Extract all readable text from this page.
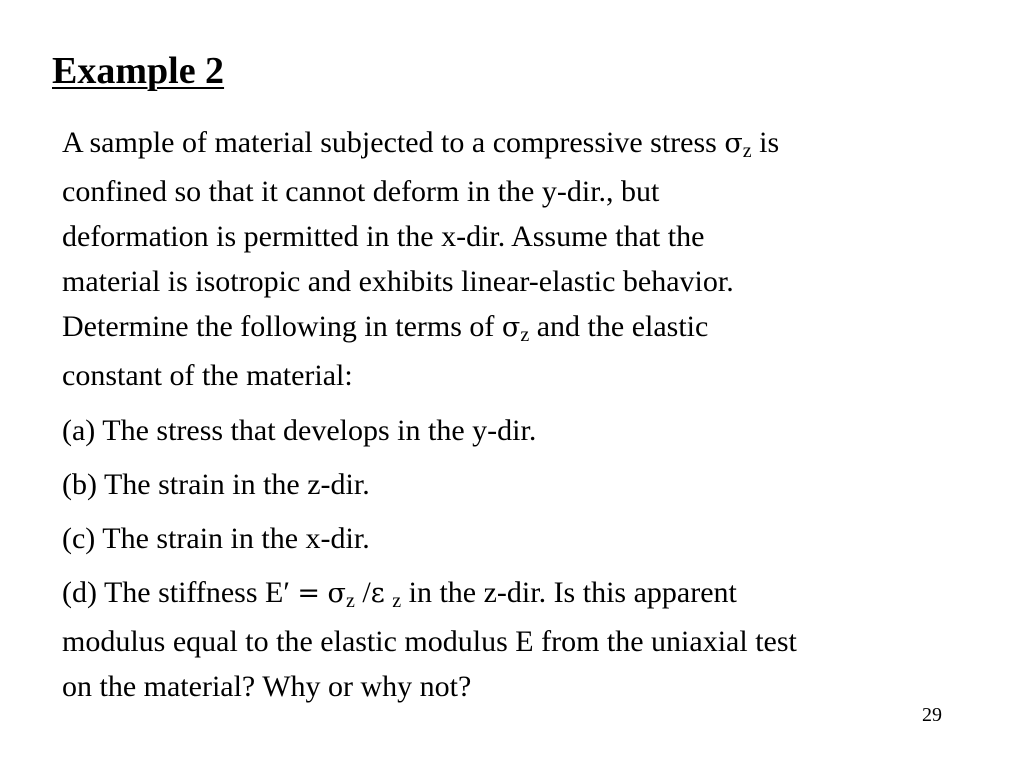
Example 2

A sample of material subjected to a compressive stress σz is
confined so that it cannot deform in the y-dir., but
deformation is permitted in the x-dir. Assume that the
material is isotropic and exhibits linear-elastic behavior.
Determine the following in terms of σz and the elastic
constant of the material:

(a) The stress that develops in the y-dir.

(b) The strain in the z-dir.

(c) The strain in the x-dir.

(d) The stiffness E′ = σz /ε z in the z-dir. Is this apparent
modulus equal to the elastic modulus E from the uniaxial test
on the material? Why or why not?

29
